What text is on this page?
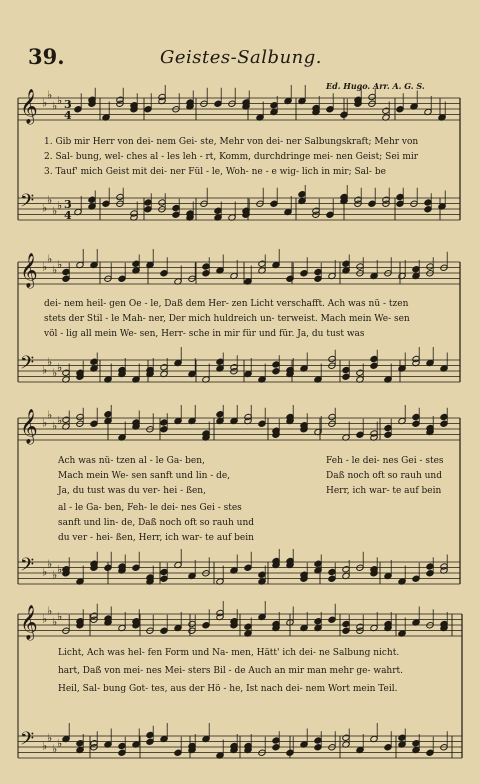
39.	Geistes-Salbung.
Ed. Hugo. Arr. A. G. S.
𝄞
𝄢
♭
♭
♭ ♭
♭
♭
♭ ♭
3
4
3
4
𝄞
𝄢
♭
♭
♭ ♭
♭
♭
♭ ♭
𝄞
𝄢
♭
♭
♭ ♭
♭
♭
♭ ♭
𝄞
𝄢
♭
♭
♭ ♭
♭
♭
♭ ♭
1. Gib mir Herr von dei- nem Gei- ste, Mehr von dei- ner Salbungskraft; Mehr von
2. Sal- bung, wel- ches al - les leh - rt, Komm, durchdringe mei- nen Geist; Sei mir
3. Tauf' mich Geist mit dei- ner Fül - le, Woh- ne - e wig- lich in mir; Sal- be
dei- nem heil- gen Oe - le, Daß dem Her- zen Licht verschafft. Ach was nü - tzen
stets der Stil - le Mah- ner, Der mich huldreich un- terweist. Mach mein We- sen
völ - lig all mein We- sen, Herr- sche in mir für und für. Ja, du tust was
Ach was nü- tzen al - le Ga- ben,
Mach mein We- sen sanft und lin - de,
Ja, du tust was du ver- hei - ßen,
Feh - le dei- nes Gei - stes
Daß noch oft so rauh und
Herr, ich war- te auf bein
al - le Ga- ben, Feh- le dei- nes Gei - stes
sanft und lin- de, Daß noch oft so rauh und
du ver - hei- ßen, Herr, ich war- te auf bein
Licht, Ach was hel- fen Form und Na- men, Hätt' ich dei- ne Salbung nicht.
hart, Daß von mei- nes Mei- sters Bil - de Auch an mir man mehr ge- wahrt.
Heil, Sal- bung Got- tes, aus der Hö - he, Ist nach dei- nem Wort mein Teil.
